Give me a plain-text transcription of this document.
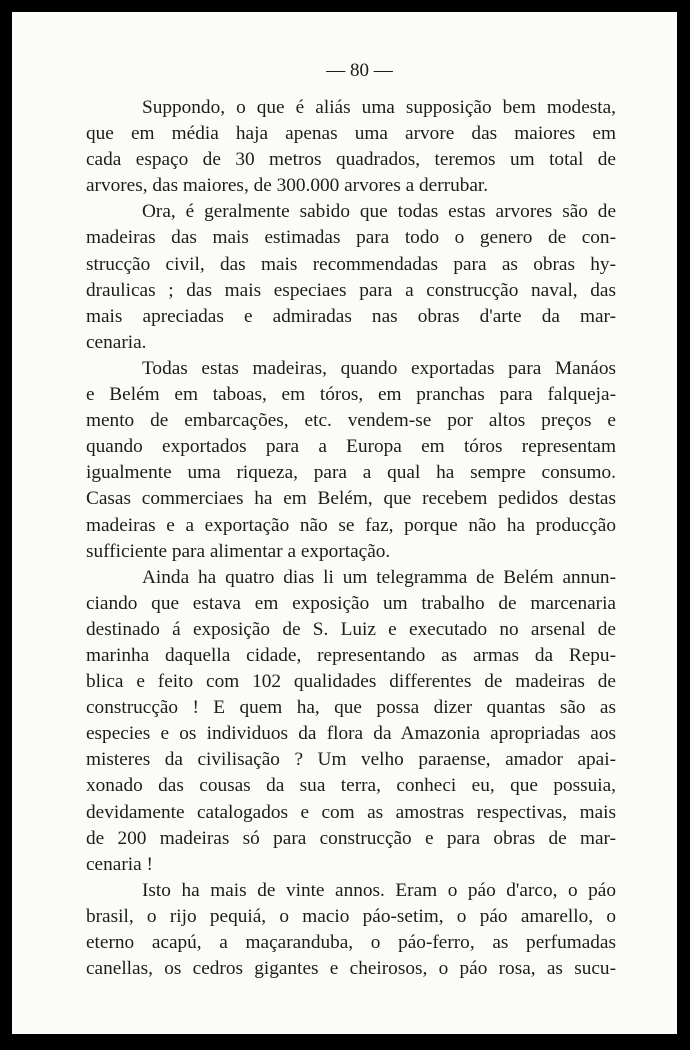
— 80 —
Suppondo, o que é aliás uma supposição bem modesta,
que em média haja apenas uma arvore das maiores em
cada espaço de 30 metros quadrados, teremos um total de
arvores, das maiores, de 300.000 arvores a derrubar.
Ora, é geralmente sabido que todas estas arvores são de
madeiras das mais estimadas para todo o genero de con-
strucção civil, das mais recommendadas para as obras hy-
draulicas ; das mais especiaes para a construcção naval, das
mais apreciadas e admiradas nas obras d'arte da mar-
cenaria.
Todas estas madeiras, quando exportadas para Manáos
e Belém em taboas, em tóros, em pranchas para falqueja-
mento de embarcações, etc. vendem-se por altos preços e
quando exportados para a Europa em tóros representam
igualmente uma riqueza, para a qual ha sempre consumo.
Casas commerciaes ha em Belém, que recebem pedidos destas
madeiras e a exportação não se faz, porque não ha producção
sufficiente para alimentar a exportação.
Ainda ha quatro dias li um telegramma de Belém annun-
ciando que estava em exposição um trabalho de marcenaria
destinado á exposição de S. Luiz e executado no arsenal de
marinha daquella cidade, representando as armas da Repu-
blica e feito com 102 qualidades differentes de madeiras de
construcção ! E quem ha, que possa dizer quantas são as
especies e os individuos da flora da Amazonia apropriadas aos
misteres da civilisação ? Um velho paraense, amador apai-
xonado das cousas da sua terra, conheci eu, que possuia,
devidamente catalogados e com as amostras respectivas, mais
de 200 madeiras só para construcção e para obras de mar-
cenaria !
Isto ha mais de vinte annos. Eram o páo d'arco, o páo
brasil, o rijo pequiá, o macio páo-setim, o páo amarello, o
eterno acapú, a maçaranduba, o páo-ferro, as perfumadas
canellas, os cedros gigantes e cheirosos, o páo rosa, as sucu-
